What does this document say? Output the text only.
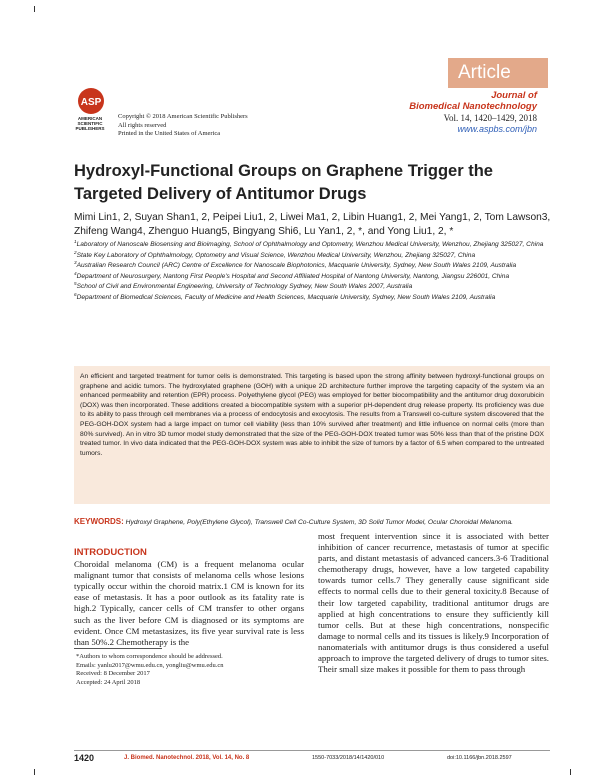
Article
Journal of
Biomedical Nanotechnology
Vol. 14, 1420–1429, 2018
www.aspbs.com/jbn
ASP
AMERICAN
SCIENTIFIC
PUBLISHERS
Copyright © 2018 American Scientific Publishers
All rights reserved
Printed in the United States of America
Hydroxyl-Functional Groups on Graphene Trigger the Targeted Delivery of Antitumor Drugs
Mimi Lin1, 2, Suyan Shan1, 2, Peipei Liu1, 2, Liwei Ma1, 2, Libin Huang1, 2, Mei Yang1, 2, Tom Lawson3, Zhifeng Wang4, Zhenguo Huang5, Bingyang Shi6, Lu Yan1, 2, *, and Yong Liu1, 2, *

$^1$Laboratory of Nanoscale Biosensing and Bioimaging, School of Ophthalmology and Optometry, Wenzhou Medical University, Wenzhou, Zhejiang 325027, China

$^2$State Key Laboratory of Ophthalmology, Optometry and Visual Science, Wenzhou Medical University, Wenzhou, Zhejiang 325027, China

$^3$Australian Research Council (ARC) Centre of Excellence for Nanoscale Biophotonics, Macquarie University, Sydney, New South Wales 2109, Australia

$^4$Department of Neurosurgery, Nantong First People's Hospital and Second Affiliated Hospital of Nantong University, Nantong, Jiangsu 226001, China

$^5$School of Civil and Environmental Engineering, University of Technology Sydney, New South Wales 2007, Australia

$^6$Department of Biomedical Sciences, Faculty of Medicine and Health Sciences, Macquarie University, Sydney, New South Wales 2109, Australia

An efficient and targeted treatment for tumor cells is demonstrated. This targeting is based upon the strong affinity between hydroxyl-functional groups on graphene and acidic tumors. The hydroxylated graphene (GOH) with a unique 2D architecture further improve the targeting capacity of the system via an enhanced permeability and retention (EPR) process. Polyethylene glycol (PEG) was employed for better biocompatibility and the antitumor drug doxorubicin (DOX) was then incorporated. These additions created a biocompatible system with a superior pH-dependent drug release property. Its proficiency was due to its ability to pass through cell membranes via a process of endocytosis and exocytosis. The results from a Transwell co-culture system discovered that the PEG-GOH-DOX system had a large impact on tumor cell viability (less than 10% survived after treatment) and little influence on normal cells (more than 80% survived). An in vitro 3D tumor model study demonstrated that the size of the PEG-GOH-DOX treated tumor was 50% less than that of the pristine DOX treated tumor. In vivo data indicated that the PEG-GOH-DOX system was able to inhibit the size of tumors by a factor of 6.5 when compared to the untreated tumors.
KEYWORDS: Hydroxyl Graphene, Poly(Ethylene Glycol), Transwell Cell Co-Culture System, 3D Solid Tumor Model, Ocular Choroidal Melanoma.
INTRODUCTION

Choroidal melanoma (CM) is a frequent melanoma ocular malignant tumor that consists of melanoma cells whose lesions typically occur within the choroid matrix.1 CM is known for its ease of metastasis. It has a poor outlook as its fatality rate is high.2 Typically, cancer cells of CM transfer to other organs such as the liver before CM is diagnosed or its symptoms are evident. Once CM metastasizes, its five year survival rate is less than 50%.2 Chemotherapy is the

most frequent intervention since it is associated with better inhibition of cancer recurrence, metastasis of tumor at specific parts, and distant metastasis of advanced cancers.3-6 Traditional chemotherapy drugs, however, have a low targeted capability towards tumor cells.7 They generally cause significant side effects to normal cells due to their general toxicity.8 Because of their low targeted capability, traditional antitumor drugs are applied at high concentrations to ensure they sufficiently kill tumor cells. But at these high concentrations, nonspecific damage to normal cells and its tissues is likely.9 Incorporation of nanomaterials with antitumor drugs is thus considered a useful approach to improve the targeted delivery of drugs to tumor sites. Their small size makes it possible for them to pass through

*Authors to whom correspondence should be addressed.

Emails: yanlu2017@wmu.edu.cn, yongliu@wmu.edu.cn

Received: 8 December 2017

Accepted: 24 April 2018

1420	J. Biomed. Nanotechnol. 2018, Vol. 14, No. 8	1550-7033/2018/14/1420/010	doi:10.1166/jbn.2018.2597
